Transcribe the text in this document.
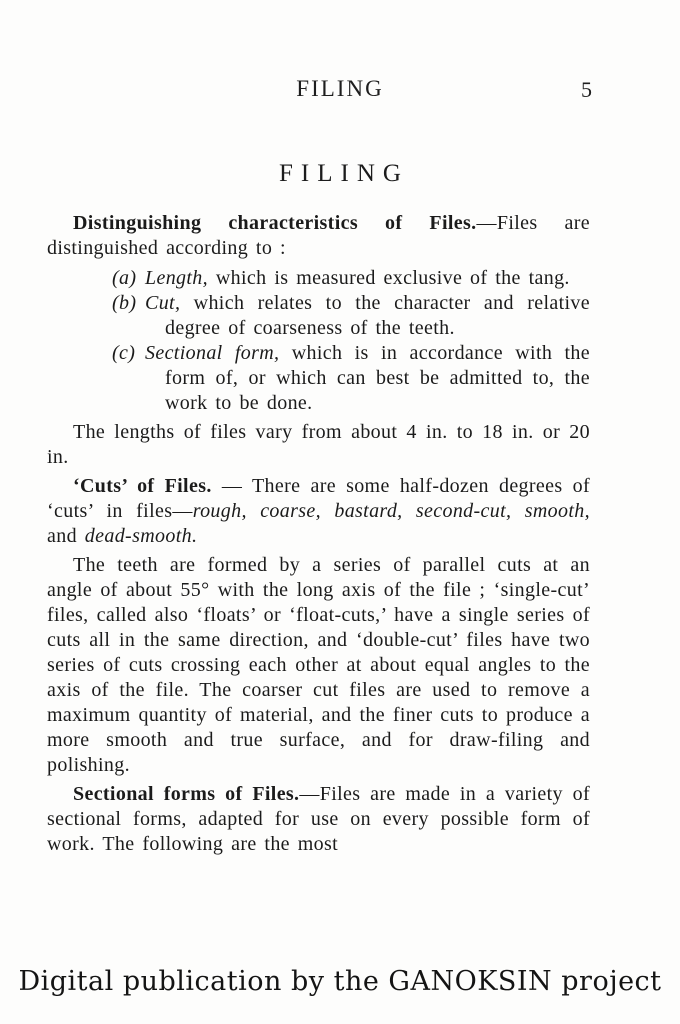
FILING	5
FILING

Distinguishing characteristics of Files.—Files are distinguished according to :

(a) Length, which is measured exclusive of the tang.
(b) Cut, which relates to the character and relative degree of coarseness of the teeth.
(c) Sectional form, which is in accordance with the form of, or which can best be admitted to, the work to be done.

The lengths of files vary from about 4 in. to 18 in. or 20 in.

‘Cuts’ of Files. — There are some half-dozen degrees of ‘cuts’ in files—rough, coarse, bastard, second-cut, smooth, and dead-smooth.

The teeth are formed by a series of parallel cuts at an angle of about 55° with the long axis of the file ; ‘single-cut’ files, called also ‘floats’ or ‘float-cuts,’ have a single series of cuts all in the same direction, and ‘double-cut’ files have two series of cuts crossing each other at about equal angles to the axis of the file. The coarser cut files are used to remove a maximum quantity of material, and the finer cuts to produce a more smooth and true surface, and for draw-filing and polishing.

Sectional forms of Files.—Files are made in a variety of sectional forms, adapted for use on every possible form of work. The following are the most

Digital publication by the GANOKSIN project
